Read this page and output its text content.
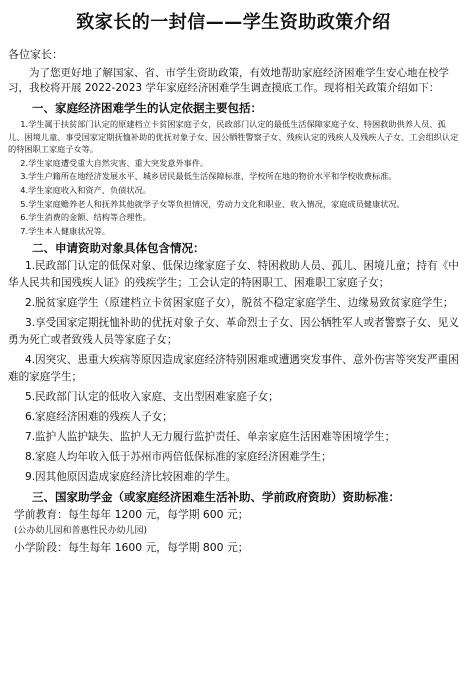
致家长的一封信——学生资助政策介绍
各位家长：
为了您更好地了解国家、省、市学生资助政策，有效地帮助家庭经济困难学生安心地在校学习，我校将开展 2022-2023 学年家庭经济困难学生调查摸底工作。现将相关政策介绍如下：
一、家庭经济困难学生的认定依据主要包括：
1.学生属于扶贫部门认定的原建档立卡贫困家庭子女，民政部门认定的最低生活保障家庭子女、特困救助供养人员、孤儿、困境儿童、事受国家定期抚恤补助的优抚对象子女、因公牺牲警察子女、残疾认定的残疾人及残疾人子女、工会组织认定的特困职工家庭子女等。
2.学生家庭遭受重大自然灾害、重大突发意外事件。
3.学生户籍所在地经济发展水平、城乡居民最低生活保障标准，学校所在地的物价水平和学校收费标准。
4.学生家庭收入和资产、负债状况。
5.学生家庭赡养老人和抚养其他就学子女等负担情况，劳动力文化和职业、收入情况，家庭成员健康状况。
6.学生消费的金额、结构等合理性。
7.学生本人健康状况等。
二、申请资助对象具体包含情况：
1.民政部门认定的低保对象、低保边缘家庭子女、特困救助人员、孤儿、困境儿童；持有《中华人民共和国残疾人证》的残疾学生；工会认定的特困职工、困难职工家庭子女；
2.脱贫家庭学生（原建档立卡贫困家庭子女），脱贫不稳定家庭学生、边缘易致贫家庭学生；
3.享受国家定期抚恤补助的优抚对象子女、革命烈士子女、因公牺牲军人或者警察子女、见义勇为死亡或者致残人员等家庭子女；
4.因突灾、患重大疾病等原因造成家庭经济特别困难或遭遇突发事件、意外伤害等突发严重困难的家庭学生；
5.民政部门认定的低收入家庭、支出型困难家庭子女；
6.家庭经济困难的残疾人子女；
7.监护人监护缺失、监护人无力履行监护责任、单亲家庭生活困难等困境学生；
8.家庭人均年收入低于苏州市两倍低保标准的家庭经济困难学生；
9.因其他原因造成家庭经济比较困难的学生。
三、国家助学金（或家庭经济困难生活补助、学前政府资助）资助标准：
学前教育：每生每年 1200 元，每学期 600 元；
(公办幼儿园和普惠性民办幼儿园)
小学阶段：每生每年 1600 元，每学期 800 元；
